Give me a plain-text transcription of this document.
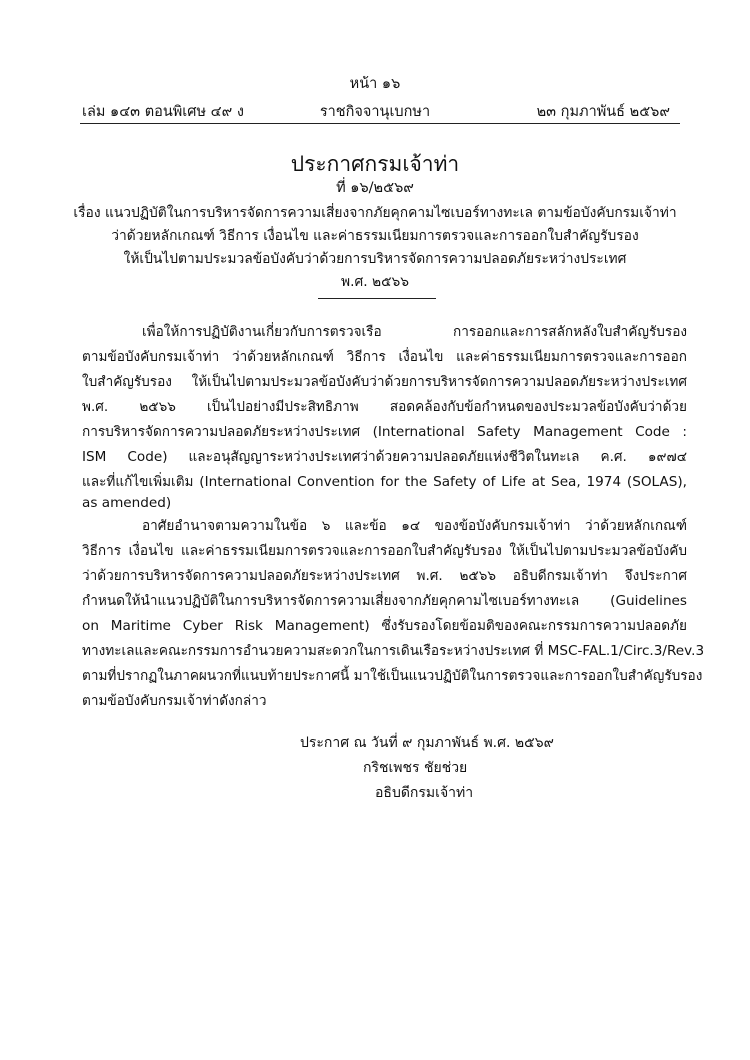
หน้า ๑๖
เล่ม ๑๔๓ ตอนพิเศษ ๔๙ ง	ราชกิจจานุเบกษา	๒๓ กุมภาพันธ์ ๒๕๖๙
ประกาศกรมเจ้าท่า
ที่ ๑๖/๒๕๖๙
เรื่อง แนวปฏิบัติในการบริหารจัดการความเสี่ยงจากภัยคุกคามไซเบอร์ทางทะเล ตามข้อบังคับกรมเจ้าท่า
ว่าด้วยหลักเกณฑ์ วิธีการ เงื่อนไข และค่าธรรมเนียมการตรวจและการออกใบสำคัญรับรอง
ให้เป็นไปตามประมวลข้อบังคับว่าด้วยการบริหารจัดการความปลอดภัยระหว่างประเทศ
พ.ศ. ๒๕๖๖
เพื่อให้การปฏิบัติงานเกี่ยวกับการตรวจเรือ การออกและการสลักหลังใบสำคัญรับรอง
ตามข้อบังคับกรมเจ้าท่า ว่าด้วยหลักเกณฑ์ วิธีการ เงื่อนไข และค่าธรรมเนียมการตรวจและการออก
ใบสำคัญรับรอง ให้เป็นไปตามประมวลข้อบังคับว่าด้วยการบริหารจัดการความปลอดภัยระหว่างประเทศ
พ.ศ. ๒๕๖๖ เป็นไปอย่างมีประสิทธิภาพ สอดคล้องกับข้อกำหนดของประมวลข้อบังคับว่าด้วย
การบริหารจัดการความปลอดภัยระหว่างประเทศ (International Safety Management Code :
ISM Code) และอนุสัญญาระหว่างประเทศว่าด้วยความปลอดภัยแห่งชีวิตในทะเล ค.ศ. ๑๙๗๔
และที่แก้ไขเพิ่มเติม (International Convention for the Safety of Life at Sea, 1974 (SOLAS),
as amended)
อาศัยอำนาจตามความในข้อ ๖ และข้อ ๑๔ ของข้อบังคับกรมเจ้าท่า ว่าด้วยหลักเกณฑ์
วิธีการ เงื่อนไข และค่าธรรมเนียมการตรวจและการออกใบสำคัญรับรอง ให้เป็นไปตามประมวลข้อบังคับ
ว่าด้วยการบริหารจัดการความปลอดภัยระหว่างประเทศ พ.ศ. ๒๕๖๖ อธิบดีกรมเจ้าท่า จึงประกาศ
กำหนดให้นำแนวปฏิบัติในการบริหารจัดการความเสี่ยงจากภัยคุกคามไซเบอร์ทางทะเล (Guidelines
on Maritime Cyber Risk Management) ซึ่งรับรองโดยข้อมติของคณะกรรมการความปลอดภัย
ทางทะเลและคณะกรรมการอำนวยความสะดวกในการเดินเรือระหว่างประเทศ ที่ MSC-FAL.1/Circ.3/Rev.3
ตามที่ปรากฏในภาคผนวกที่แนบท้ายประกาศนี้ มาใช้เป็นแนวปฏิบัติในการตรวจและการออกใบสำคัญรับรอง
ตามข้อบังคับกรมเจ้าท่าดังกล่าว
ประกาศ ณ วันที่ ๙ กุมภาพันธ์ พ.ศ. ๒๕๖๙
กริชเพชร ชัยช่วย
อธิบดีกรมเจ้าท่า
